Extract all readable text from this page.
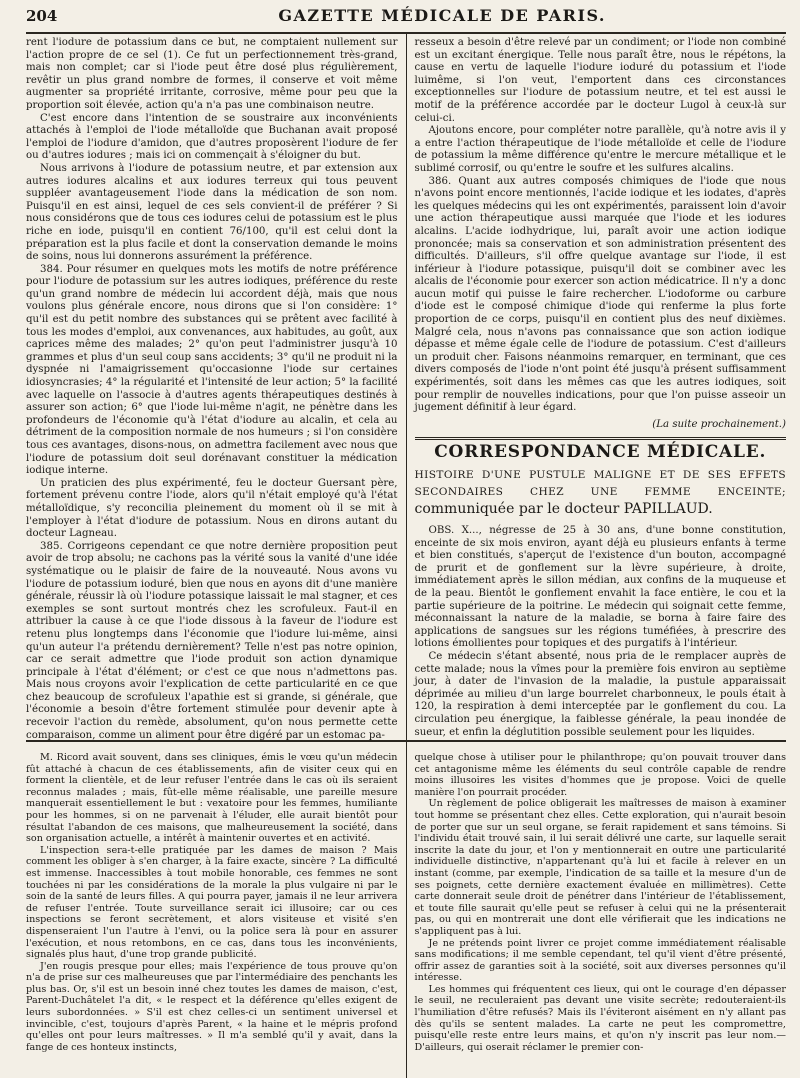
204	GAZETTE MÉDICALE DE PARIS.

rent l'iodure de potassium dans ce but, ne comptaient nullement sur l'action propre de ce sel (1). Ce fut un perfectionnement très-grand, mais non complet; car si l'iode peut être dosé plus régulièrement, revêtir un plus grand nombre de formes, il conserve et voit même augmenter sa propriété irritante, corrosive, même pour peu que la proportion soit élevée, action qu'a n'a pas une combinaison neutre.

C'est encore dans l'intention de se soustraire aux inconvénients attachés à l'emploi de l'iode métalloïde que Buchanan avait proposé l'emploi de l'iodure d'amidon, que d'autres proposèrent l'iodure de fer ou d'autres iodures ; mais ici on commençait à s'éloigner du but.

Nous arrivons à l'iodure de potassium neutre, et par extension aux autres iodures alcalins et aux iodures terreux qui tous peuvent suppléer avantageusement l'iode dans la médication de son nom. Puisqu'il en est ainsi, lequel de ces sels convient-il de préférer ? Si nous considérons que de tous ces iodures celui de potassium est le plus riche en iode, puisqu'il en contient 76/100, qu'il est celui dont la préparation est la plus facile et dont la conservation demande le moins de soins, nous lui donnerons assurément la préférence.

384. Pour résumer en quelques mots les motifs de notre préférence pour l'iodure de potassium sur les autres iodiques, préférence du reste qu'un grand nombre de médecin lui accordent déjà, mais que nous voulons plus générale encore, nous dirons que si l'on considère: 1° qu'il est du petit nombre des substances qui se prêtent avec facilité à tous les modes d'emploi, aux convenances, aux habitudes, au goût, aux caprices même des malades; 2° qu'on peut l'administrer jusqu'à 10 grammes et plus d'un seul coup sans accidents; 3° qu'il ne produit ni la dyspnée ni l'amaigrissement qu'occasionne l'iode sur certaines idiosyncrasies; 4° la régularité et l'intensité de leur action; 5° la facilité avec laquelle on l'associe à d'autres agents thérapeutiques destinés à assurer son action; 6° que l'iode lui-même n'agit, ne pénètre dans les profondeurs de l'économie qu'à l'état d'iodure au alcalin, et cela au détriment de la composition normale de nos humeurs ; si l'on considère tous ces avantages, disons-nous, on admettra facilement avec nous que l'iodure de potassium doit seul dorénavant constituer la médication iodique interne.

Un praticien des plus expérimenté, feu le docteur Guersant père, fortement prévenu contre l'iode, alors qu'il n'était employé qu'à l'état métalloïdique, s'y reconcilia pleinement du moment où il se mit à l'employer à l'état d'iodure de potassium. Nous en dirons autant du docteur Lagneau.

385. Corrigeons cependant ce que notre dernière proposition peut avoir de trop absolu; ne cachons pas la vérité sous la vanité d'une idée systématique ou le plaisir de faire de la nouveauté. Nous avons vu l'iodure de potassium ioduré, bien que nous en ayons dit d'une manière générale, réussir là où l'iodure potassique laissait le mal stagner, et ces exemples se sont surtout montrés chez les scrofuleux. Faut-il en attribuer la cause à ce que l'iode dissous à la faveur de l'iodure est retenu plus longtemps dans l'économie que l'iodure lui-même, ainsi qu'un auteur l'a prétendu dernièrement? Telle n'est pas notre opinion, car ce serait admettre que l'iode produit son action dynamique principale à l'état d'élément; or c'est ce que nous n'admettons pas. Mais nous croyons avoir l'explication de cette particularité en ce que chez beaucoup de scrofuleux l'apathie est si grande, si générale, que l'économie a besoin d'être fortement stimulée pour devenir apte à recevoir l'action du remède, absolument, qu'on nous permette cette comparaison, comme un aliment pour être digéré par un estomac pa-

resseux a besoin d'être relevé par un condiment; or l'iode non combiné est un excitant énergique. Telle nous paraît être, nous le répétons, la cause en vertu de laquelle l'iodure ioduré du potassium et l'iode luimême, si l'on veut, l'emportent dans ces circonstances exceptionnelles sur l'iodure de potassium neutre, et tel est aussi le motif de la préférence accordée par le docteur Lugol à ceux-là sur celui-ci.

Ajoutons encore, pour compléter notre parallèle, qu'à notre avis il y a entre l'action thérapeutique de l'iode métalloïde et celle de l'iodure de potassium la même différence qu'entre le mercure métallique et le sublimé corrosif, ou qu'entre le soufre et les sulfures alcalins.

386. Quant aux autres composés chimiques de l'iode que nous n'avons point encore mentionnés, l'acide iodique et les iodates, d'après les quelques médecins qui les ont expérimentés, paraissent loin d'avoir une action thérapeutique aussi marquée que l'iode et les iodures alcalins. L'acide iodhydrique, lui, paraît avoir une action iodique prononcée; mais sa conservation et son administration présentent des difficultés. D'ailleurs, s'il offre quelque avantage sur l'iode, il est inférieur à l'iodure potassique, puisqu'il doit se combiner avec les alcalis de l'économie pour exercer son action médicatrice. Il n'y a donc aucun motif qui puisse le faire rechercher. L'iodoforme ou carbure d'iode est le composé chimique d'iode qui renferme la plus forte proportion de ce corps, puisqu'il en contient plus des neuf dixièmes. Malgré cela, nous n'avons pas connaissance que son action iodique dépasse et même égale celle de l'iodure de potassium. C'est d'ailleurs un produit cher. Faisons néanmoins remarquer, en terminant, que ces divers composés de l'iode n'ont point été jusqu'à présent suffisamment expérimentés, soit dans les mêmes cas que les autres iodiques, soit pour remplir de nouvelles indications, pour que l'on puisse asseoir un jugement définitif à leur égard.

(La suite prochainement.)
CORRESPONDANCE MÉDICALE.
HISTOIRE D'UNE PUSTULE MALIGNE ET DE SES EFFETS SECONDAIRES CHEZ UNE FEMME ENCEINTE; communiquée par le docteur PAPILLAUD.

OBS. X..., négresse de 25 à 30 ans, d'une bonne constitution, enceinte de six mois environ, ayant déjà eu plusieurs enfants à terme et bien constitués, s'aperçut de l'existence d'un bouton, accompagné de prurit et de gonflement sur la lèvre supérieure, à droite, immédiatement après le sillon médian, aux confins de la muqueuse et de la peau. Bientôt le gonflement envahit la face entière, le cou et la partie supérieure de la poitrine. Le médecin qui soignait cette femme, méconnaissant la nature de la maladie, se borna à faire faire des applications de sangsues sur les régions tuméfiées, à prescrire des lotions émollientes pour topiques et des purgatifs à l'intérieur.

Ce médecin s'étant absenté, nous pria de le remplacer auprès de cette malade; nous la vîmes pour la première fois environ au septième jour, à dater de l'invasion de la maladie, la pustule apparaissait déprimée au milieu d'un large bourrelet charbonneux, le pouls était à 120, la respiration à demi interceptée par le gonflement du cou. La circulation peu énergique, la faiblesse générale, la peau inondée de sueur, et enfin la déglutition possible seulement pour les liquides.

M. Ricord avait souvent, dans ses cliniques, émis le vœu qu'un médecin fût attaché à chacun de ces établissements, afin de visiter ceux qui en forment la clientèle, et de leur refuser l'entrée dans le cas où ils seraient reconnus malades ; mais, fût-elle même réalisable, une pareille mesure manquerait essentiellement le but : vexatoire pour les femmes, humiliante pour les hommes, si on ne parvenait à l'éluder, elle aurait bientôt pour résultat l'abandon de ces maisons, que malheureusement la société, dans son organisation actuelle, a intérêt à maintenir ouvertes et en activité.

L'inspection sera-t-elle pratiquée par les dames de maison ? Mais comment les obliger à s'en charger, à la faire exacte, sincère ? La difficulté est immense. Inaccessibles à tout mobile honorable, ces femmes ne sont touchées ni par les considérations de la morale la plus vulgaire ni par le soin de la santé de leurs filles. A qui pourra payer, jamais il ne leur arrivera de refuser l'entrée. Toute surveillance serait ici illusoire; car ou ces inspections se feront secrètement, et alors visiteuse et visité s'en dispenseraient l'un l'autre à l'envi, ou la police sera là pour en assurer l'exécution, et nous retombons, en ce cas, dans tous les inconvénients, signalés plus haut, d'une trop grande publicité.

J'en rougis presque pour elles; mais l'expérience de tous prouve qu'on n'a de prise sur ces malheureuses que par l'intermédiaire des penchants les plus bas. Or, s'il est un besoin inné chez toutes les dames de maison, c'est, Parent-Duchâtelet l'a dit, « le respect et la déférence qu'elles exigent de leurs subordonnées. » S'il est chez celles-ci un sentiment universel et invincible, c'est, toujours d'après Parent, « la haine et le mépris profond qu'elles ont pour leurs maîtresses. » Il m'a semblé qu'il y avait, dans la fange de ces honteux instincts,

quelque chose à utiliser pour le philanthrope; qu'on pouvait trouver dans cet antagonisme même les éléments du seul contrôle capable de rendre moins illusoires les visites d'hommes que je propose. Voici de quelle manière l'on pourrait procéder.

Un règlement de police obligerait les maîtresses de maison à examiner tout homme se présentant chez elles. Cette exploration, qui n'aurait besoin de porter que sur un seul organe, se ferait rapidement et sans témoins. Si l'individu était trouvé sain, il lui serait délivré une carte, sur laquelle serait inscrite la date du jour, et l'on y mentionnerait en outre une particularité individuelle distinctive, n'appartenant qu'à lui et facile à relever en un instant (comme, par exemple, l'indication de sa taille et la mesure d'un de ses poignets, cette dernière exactement évaluée en millimètres). Cette carte donnerait seule droit de pénétrer dans l'intérieur de l'établissement, et toute fille saurait qu'elle peut se refuser à celui qui ne la présenterait pas, ou qui en montrerait une dont elle vérifierait que les indications ne s'appliquent pas à lui.

Je ne prétends point livrer ce projet comme immédiatement réalisable sans modifications; il me semble cependant, tel qu'il vient d'être présenté, offrir assez de garanties soit à la société, soit aux diverses personnes qu'il intéresse.

Les hommes qui fréquentent ces lieux, qui ont le courage d'en dépasser le seuil, ne reculeraient pas devant une visite secrète; redouteraient-ils l'humiliation d'être refusés? Mais ils l'éviteront aisément en n'y allant pas dès qu'ils se sentent malades. La carte ne peut les compromettre, puisqu'elle reste entre leurs mains, et qu'on n'y inscrit pas leur nom.—D'ailleurs, qui oserait réclamer le premier con-
